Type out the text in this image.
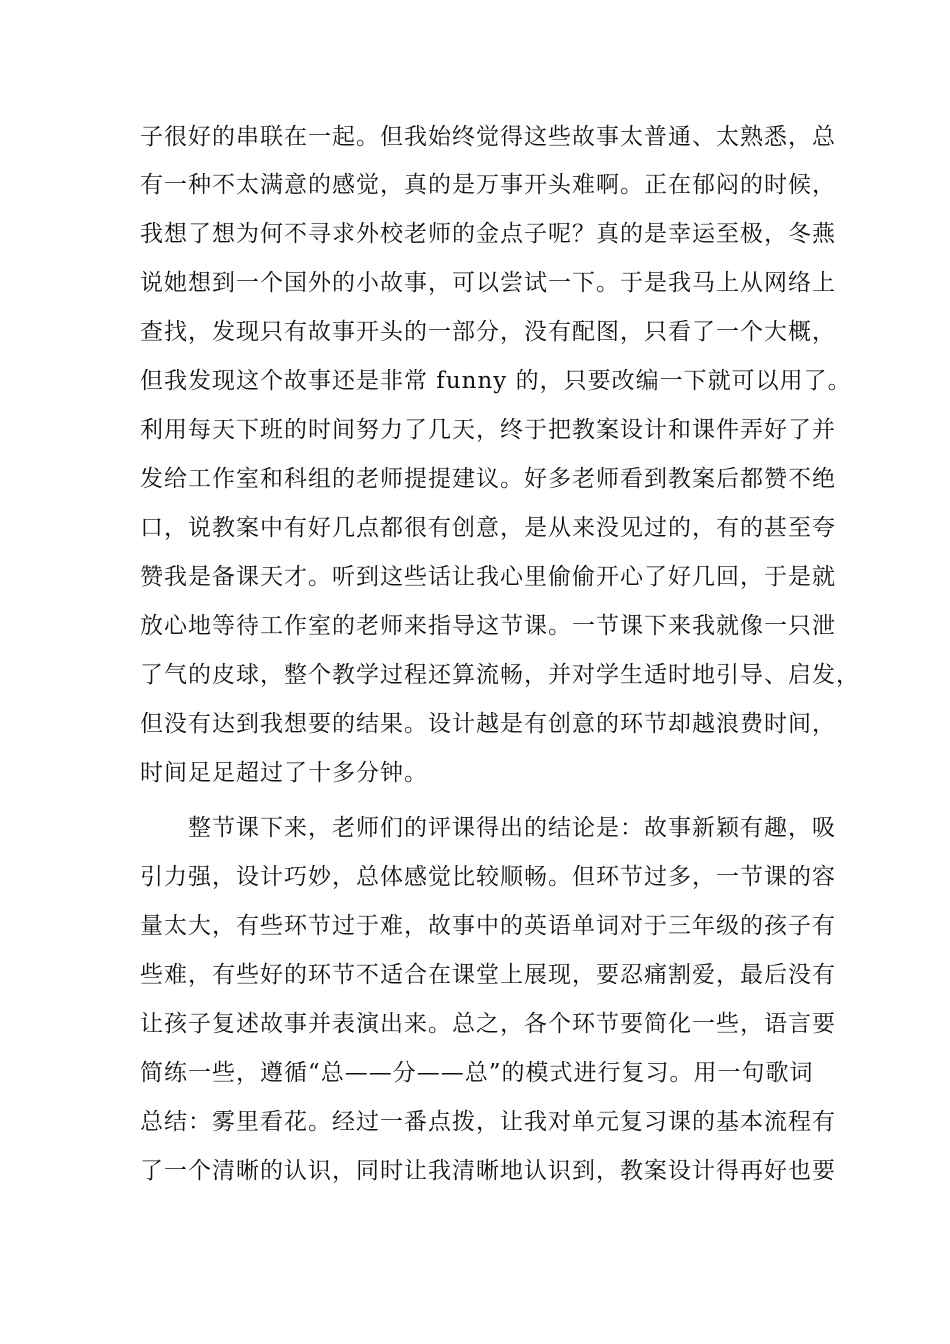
子很好的串联在一起。但我始终觉得这些故事太普通、太熟悉，总
有一种不太满意的感觉，真的是万事开头难啊。正在郁闷的时候，
我想了想为何不寻求外校老师的金点子呢？真的是幸运至极，冬燕
说她想到一个国外的小故事，可以尝试一下。于是我马上从网络上
查找，发现只有故事开头的一部分，没有配图，只看了一个大概，
但我发现这个故事还是非常 funny 的，只要改编一下就可以用了。
利用每天下班的时间努力了几天，终于把教案设计和课件弄好了并
发给工作室和科组的老师提提建议。好多老师看到教案后都赞不绝
口，说教案中有好几点都很有创意，是从来没见过的，有的甚至夸
赞我是备课天才。听到这些话让我心里偷偷开心了好几回，于是就
放心地等待工作室的老师来指导这节课。一节课下来我就像一只泄
了气的皮球，整个教学过程还算流畅，并对学生适时地引导、启发，
但没有达到我想要的结果。设计越是有创意的环节却越浪费时间，
时间足足超过了十多分钟。
整节课下来，老师们的评课得出的结论是：故事新颖有趣，吸
引力强，设计巧妙，总体感觉比较顺畅。但环节过多，一节课的容
量太大，有些环节过于难，故事中的英语单词对于三年级的孩子有
些难，有些好的环节不适合在课堂上展现，要忍痛割爱，最后没有
让孩子复述故事并表演出来。总之，各个环节要简化一些，语言要
简练一些，遵循“总——分——总”的模式进行复习。用一句歌词
总结：雾里看花。经过一番点拨，让我对单元复习课的基本流程有
了一个清晰的认识，同时让我清晰地认识到，教案设计得再好也要
